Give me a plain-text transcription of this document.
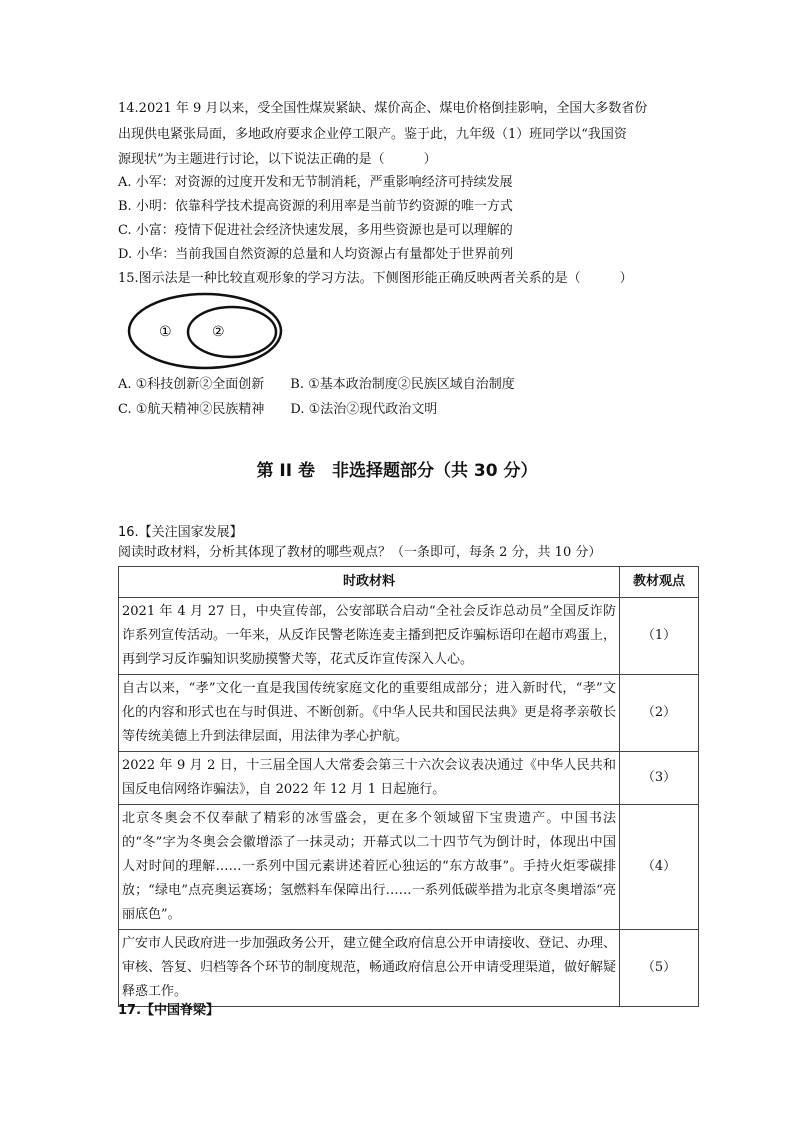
14.2021 年 9 月以来，受全国性煤炭紧缺、煤价高企、煤电价格倒挂影响，全国大多数省份
出现供电紧张局面，多地政府要求企业停工限产。鉴于此，九年级（1）班同学以“我国资
源现状”为主题进行讨论，以下说法正确的是（　　　）
A. 小军：对资源的过度开发和无节制消耗，严重影响经济可持续发展
B. 小明：依靠科学技术提高资源的利用率是当前节约资源的唯一方式
C. 小富：疫情下促进社会经济快速发展，多用些资源也是可以理解的
D. 小华：当前我国自然资源的总量和人均资源占有量都处于世界前列
15.图示法是一种比较直观形象的学习方法。下侧图形能正确反映两者关系的是（　　　）
①	②
A. ①科技创新②全面创新　　B. ①基本政治制度②民族区域自治制度
C. ①航天精神②民族精神　　D. ①法治②现代政治文明
第 II 卷　非选择题部分（共 30 分）
16.【关注国家发展】
阅读时政材料，分析其体现了教材的哪些观点？（一条即可，每条 2 分，共 10 分）
时政材料	教材观点
2021 年 4 月 27 日，中央宣传部，公安部联合启动“全社会反诈总动员”全国反诈防诈系列宣传活动。一年来，从反诈民警老陈连麦主播到把反诈骗标语印在超市鸡蛋上，再到学习反诈骗知识奖励摸警犬等，花式反诈宣传深入人心。	（1）
自古以来，“孝”文化一直是我国传统家庭文化的重要组成部分；进入新时代，“孝”文化的内容和形式也在与时俱进、不断创新。《中华人民共和国民法典》更是将孝亲敬长等传统美德上升到法律层面，用法律为孝心护航。	（2）
2022 年 9 月 2 日，十三届全国人大常委会第三十六次会议表决通过《中华人民共和国反电信网络诈骗法》，自 2022 年 12 月 1 日起施行。	（3）
北京冬奥会不仅奉献了精彩的冰雪盛会，更在多个领域留下宝贵遗产。中国书法的“冬”字为冬奥会会徽增添了一抹灵动；开幕式以二十四节气为倒计时，体现出中国人对时间的理解……一系列中国元素讲述着匠心独运的“东方故事”。手持火炬零碳排放；“绿电”点亮奥运赛场；氢燃料车保障出行……一系列低碳举措为北京冬奥增添“亮丽底色”。	（4）
广安市人民政府进一步加强政务公开，建立健全政府信息公开申请接收、登记、办理、审核、答复、归档等各个环节的制度规范，畅通政府信息公开申请受理渠道，做好解疑释惑工作。	（5）
17.【中国脊梁】
